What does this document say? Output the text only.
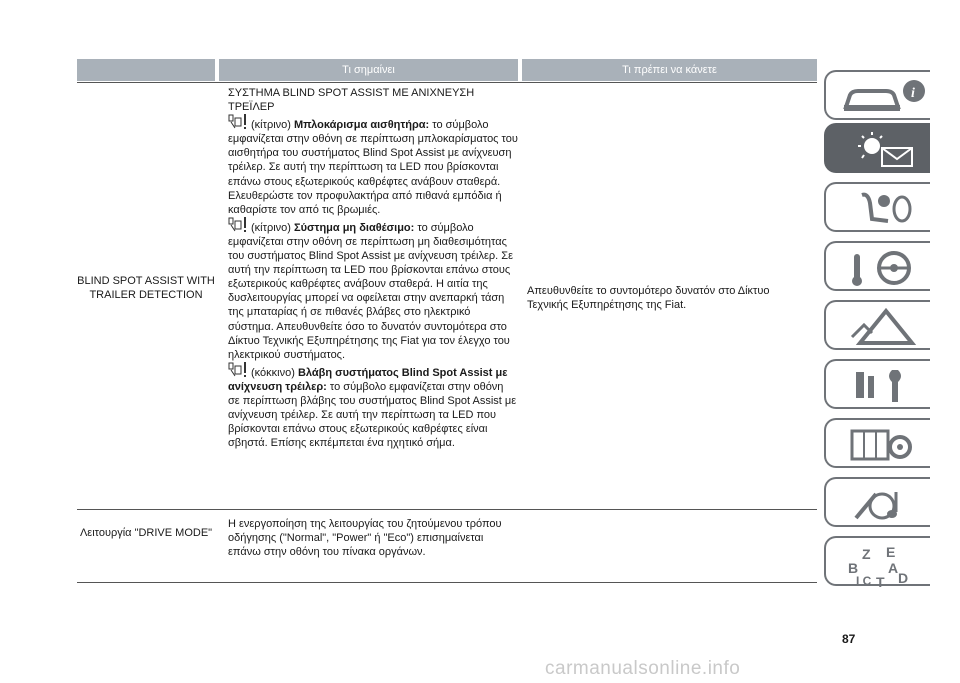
Τι σημαίνει	Τι πρέπει να κάνετε
BLIND SPOT ASSIST WITH TRAILER DETECTION

ΣΥΣΤΗΜΑ BLIND SPOT ASSIST ΜΕ ΑΝΙΧΝΕΥΣΗ ΤΡΕΪΛΕΡ

(κίτρινο) Μπλοκάρισμα αισθητήρα: το σύμβολο εμφανίζεται στην οθόνη σε περίπτωση μπλοκαρίσματος του αισθητήρα του συστήματος Blind Spot Assist με ανίχνευση τρέιλερ. Σε αυτή την περίπτωση τα LED που βρίσκονται επάνω στους εξωτερικούς καθρέφτες ανάβουν σταθερά. Ελευθερώστε τον προφυλακτήρα από πιθανά εμπόδια ή καθαρίστε τον από τις βρωμιές.

(κίτρινο) Σύστημα μη διαθέσιμο: το σύμβολο εμφανίζεται στην οθόνη σε περίπτωση μη διαθεσιμότητας του συστήματος Blind Spot Assist με ανίχνευση τρέιλερ. Σε αυτή την περίπτωση τα LED που βρίσκονται επάνω στους εξωτερικούς καθρέφτες ανάβουν σταθερά. Η αιτία της δυσλειτουργίας μπορεί να οφείλεται στην ανεπαρκή τάση της μπαταρίας ή σε πιθανές βλάβες στο ηλεκτρικό σύστημα. Απευθυνθείτε όσο το δυνατόν συντομότερα στο Δίκτυο Τεχνικής Εξυπηρέτησης της Fiat για τον έλεγχο του ηλεκτρικού συστήματος.

(κόκκινο) Βλάβη συστήματος Blind Spot Assist με ανίχνευση τρέιλερ: το σύμβολο εμφανίζεται στην οθόνη σε περίπτωση βλάβης του συστήματος Blind Spot Assist με ανίχνευση τρέιλερ. Σε αυτή την περίπτωση τα LED που βρίσκονται επάνω στους εξωτερικούς καθρέφτες είναι σβηστά. Επίσης εκπέμπεται ένα ηχητικό σήμα.

Απευθυνθείτε το συντομότερο δυνατόν στο Δίκτυο Τεχνικής Εξυπηρέτησης της Fiat.
Λειτουργία "DRIVE MODE"
Η ενεργοποίηση της λειτουργίας του ζητούμενου τρόπου οδήγησης ("Normal", "Power" ή "Eco") επισημαίνεται επάνω στην οθόνη του πίνακα οργάνων.
i
Z E
B A
I C T D
87
carmanualsonline.info
